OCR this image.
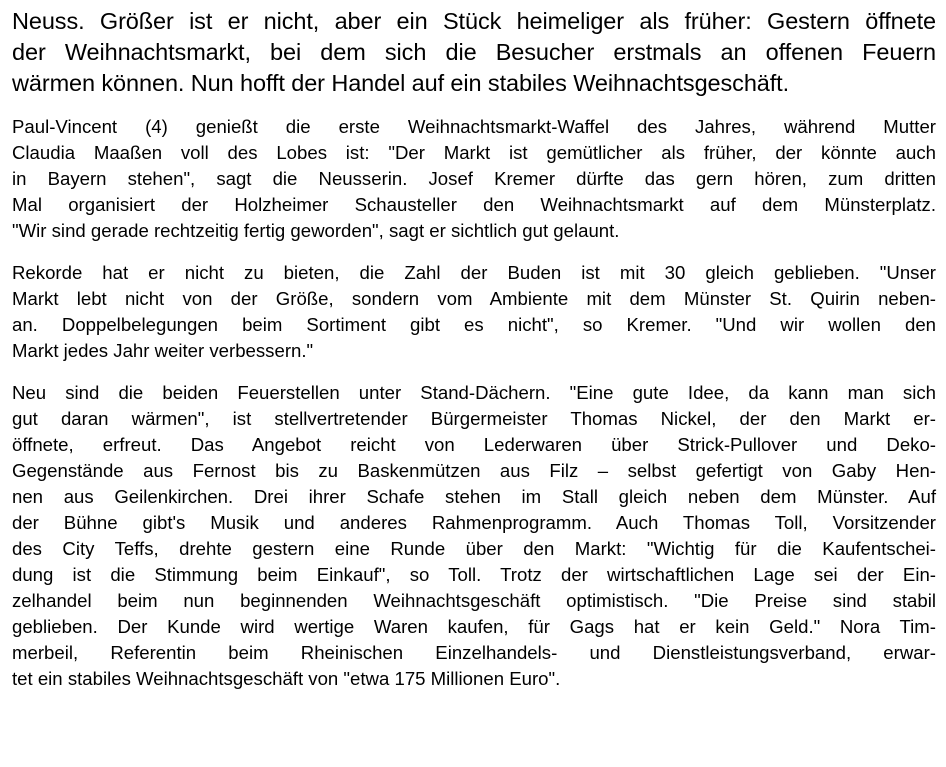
Neuss. Größer ist er nicht, aber ein Stück heimeliger als früher: Gestern öffnete
der Weihnachtsmarkt, bei dem sich die Besucher erstmals an offenen Feuern
wärmen können. Nun hofft der Handel auf ein stabiles Weihnachtsgeschäft.

Paul-Vincent (4) genießt die erste Weihnachtsmarkt-Waffel des Jahres, während Mutter
Claudia Maaßen voll des Lobes ist: "Der Markt ist gemütlicher als früher, der könnte auch
in Bayern stehen", sagt die Neusserin. Josef Kremer dürfte das gern hören, zum dritten
Mal organisiert der Holzheimer Schausteller den Weihnachtsmarkt auf dem Münsterplatz.
"Wir sind gerade rechtzeitig fertig geworden", sagt er sichtlich gut gelaunt.

Rekorde hat er nicht zu bieten, die Zahl der Buden ist mit 30 gleich geblieben. "Unser
Markt lebt nicht von der Größe, sondern vom Ambiente mit dem Münster St. Quirin neben-
an. Doppelbelegungen beim Sortiment gibt es nicht", so Kremer. "Und wir wollen den
Markt jedes Jahr weiter verbessern."

Neu sind die beiden Feuerstellen unter Stand-Dächern. "Eine gute Idee, da kann man sich
gut daran wärmen", ist stellvertretender Bürgermeister Thomas Nickel, der den Markt er-
öffnete, erfreut. Das Angebot reicht von Lederwaren über Strick-Pullover und Deko-
Gegenstände aus Fernost bis zu Baskenmützen aus Filz – selbst gefertigt von Gaby Hen-
nen aus Geilenkirchen. Drei ihrer Schafe stehen im Stall gleich neben dem Münster. Auf
der Bühne gibt's Musik und anderes Rahmenprogramm. Auch Thomas Toll, Vorsitzender
des City Teffs, drehte gestern eine Runde über den Markt: "Wichtig für die Kaufentschei-
dung ist die Stimmung beim Einkauf", so Toll. Trotz der wirtschaftlichen Lage sei der Ein-
zelhandel beim nun beginnenden Weihnachtsgeschäft optimistisch. "Die Preise sind stabil
geblieben. Der Kunde wird wertige Waren kaufen, für Gags hat er kein Geld." Nora Tim-
merbeil, Referentin beim Rheinischen Einzelhandels- und Dienstleistungsverband, erwar-
tet ein stabiles Weihnachtsgeschäft von "etwa 175 Millionen Euro".
